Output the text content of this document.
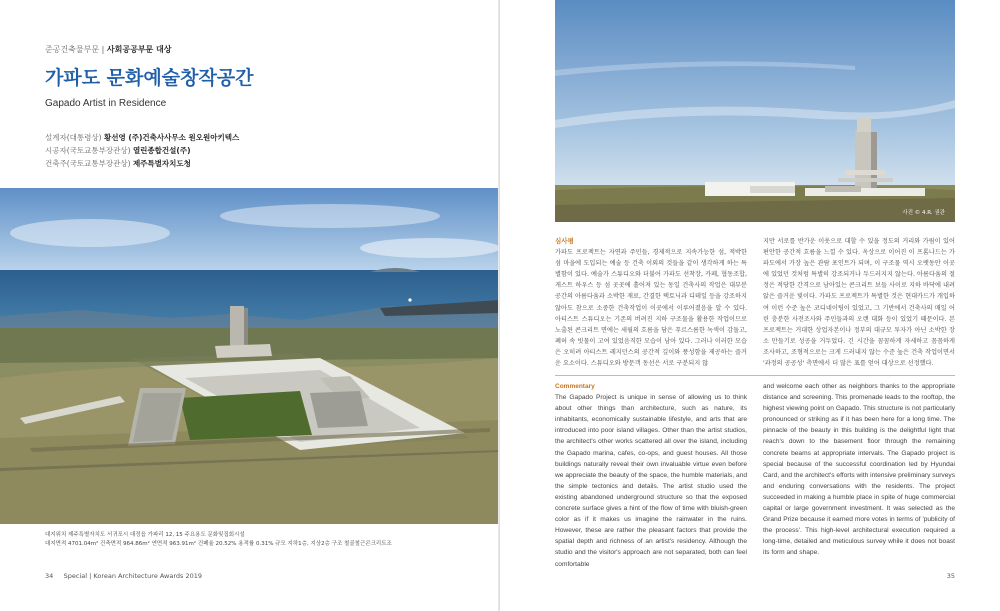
준공건축물부문 | 사회공공부문 대상
가파도 문화예술창작공간
Gapado Artist in Residence
설계자(대통령상) 황선영 (주)건축사사무소 원오원아키텍스
시공자(국토교통부장관상) 열린종합건설(주)
건축주(국토교통부장관상) 제주특별자치도청
대지위치 제주특별자치도 서귀포시 대정읍 가파리 12, 15 주요용도 문화및집회시설
대지면적 4701.04m² 건축면적 964.86m² 연면적 963.91m² 건폐율 20.52% 용적률 0.31% 규모 지하1층, 지상2층 구조 철골철근콘크리트조
34 Special | Korean Architecture Awards 2019
사진 © 4.R. 권관
심사평
가파도 프로젝트는 자연과 주민들, 경제적으로 지속가능한 섬, 적박한 섬 마을에 도입되는 예술 등 건축 이외의 것들을 같이 생각하게 하는 특별함이 있다. 예술가 스튜디오와 더불어 가파도 선착장, 카페, 협동조합, 게스트 하우스 등 섬 곳곳에 흩어져 있는 동일 건축사의 작업은 대부분 공간의 아름다움과 소박한 재료, 간결한 택토닉과 디테일 등을 강조하지 않아도 참으로 소중한 건축작업이 이곳에서 이루어졌음을 알 수 있다. 아티스트 스튜디오는 기존의 버려진 지하 구조물을 활용한 작업이므로 노출된 콘크리트 면에는 세월의 흐름을 담은 푸르스름한 녹색이 감돌고, 폐허 속 빗물이 고여 있었음직한 모습이 남아 있다. 그러나 이러한 모습은 오히려 아티스트 레지던스의 공간적 깊이와 풍성함을 제공하는 즐거운 요소이다. 스튜디오와 방문객 동선은 서로 구분되지 않
지만 서로를 반가운 이웃으로 대할 수 있을 정도의 거리와 가림이 있어 편안한 공간적 흐름을 느낄 수 있다. 옥상으로 이어진 이 프롬나드는 가파도에서 가장 높은 관람 포인트가 되며, 이 구조물 역시 오랫동안 이곳에 있었던 것처럼 특별히 강조되거나 두드러지지 않는다. 아름다움의 절정은 적당한 간격으로 남아있는 콘크리트 보들 사이로 지하 바닥에 내려앉은 즐거운 빛이다. 가파도 프로젝트가 특별한 것은 현대카드가 개입하여 이런 수준 높은 코디네이팅이 있었고, 그 기반에서 건축사의 매일 어린 충분한 사전조사와 주민들과의 오랜 대화 등이 있었기 때문이다. 본 프로젝트는 거대한 상업자본이나 정부의 대규모 투자가 아닌 소박한 장소 만들기로 성공을 거두었다. 긴 시간을 꼼꼼하게 자세하고 꼼꼼하게 조사하고, 조형적으로는 크게 드러내지 않는 수준 높은 건축 작업이면서 '과정의 공공성' 측면에서 더 많은 표를 얻어 대상으로 선정했다.
Commentary
The Gapado Project is unique in sense of allowing us to think about other things than architecture, such as nature, its inhabitants, economically sustainable lifestyle, and arts that are introduced into poor island villages. Other than the artist studios, the architect's other works scattered all over the island, including the Gapado marina, cafes, co-ops, and guest houses. All those buildings naturally reveal their own invaluable virtue even before we appreciate the beauty of the space, the humble materials, and the simple tectonics and details. The artist studio used the existing abandoned underground structure so that the exposed concrete surface gives a hint of the flow of time with bluish-green color as if it makes us imagine the rainwater in the ruins. However, these are rather the pleasant factors that provide the spatial depth and richness of an artist's residency. Although the studio and the visitor's approach are not separated, both can feel comfortable
and welcome each other as neighbors thanks to the appropriate distance and screening. This promenade leads to the rooftop, the highest viewing point on Gapado. This structure is not particularly pronounced or striking as if it has been here for a long time. The pinnacle of the beauty in this building is the delightful light that reach's down to the basement floor through the remaining concrete beams at appropriate intervals. The Gapado project is special because of the successful coordination led by Hyundai Card, and the architect's efforts with intensive preliminary surveys and enduring conversations with the residents. The project succeeded in making a humble place in spite of huge commercial capital or large government investment. It was selected as the Grand Prize because it earned more votes in terms of 'publicity of the process'. This high-level architectural execution required a long-time, detailed and meticulous survey while it does not boast its form and shape.
35
